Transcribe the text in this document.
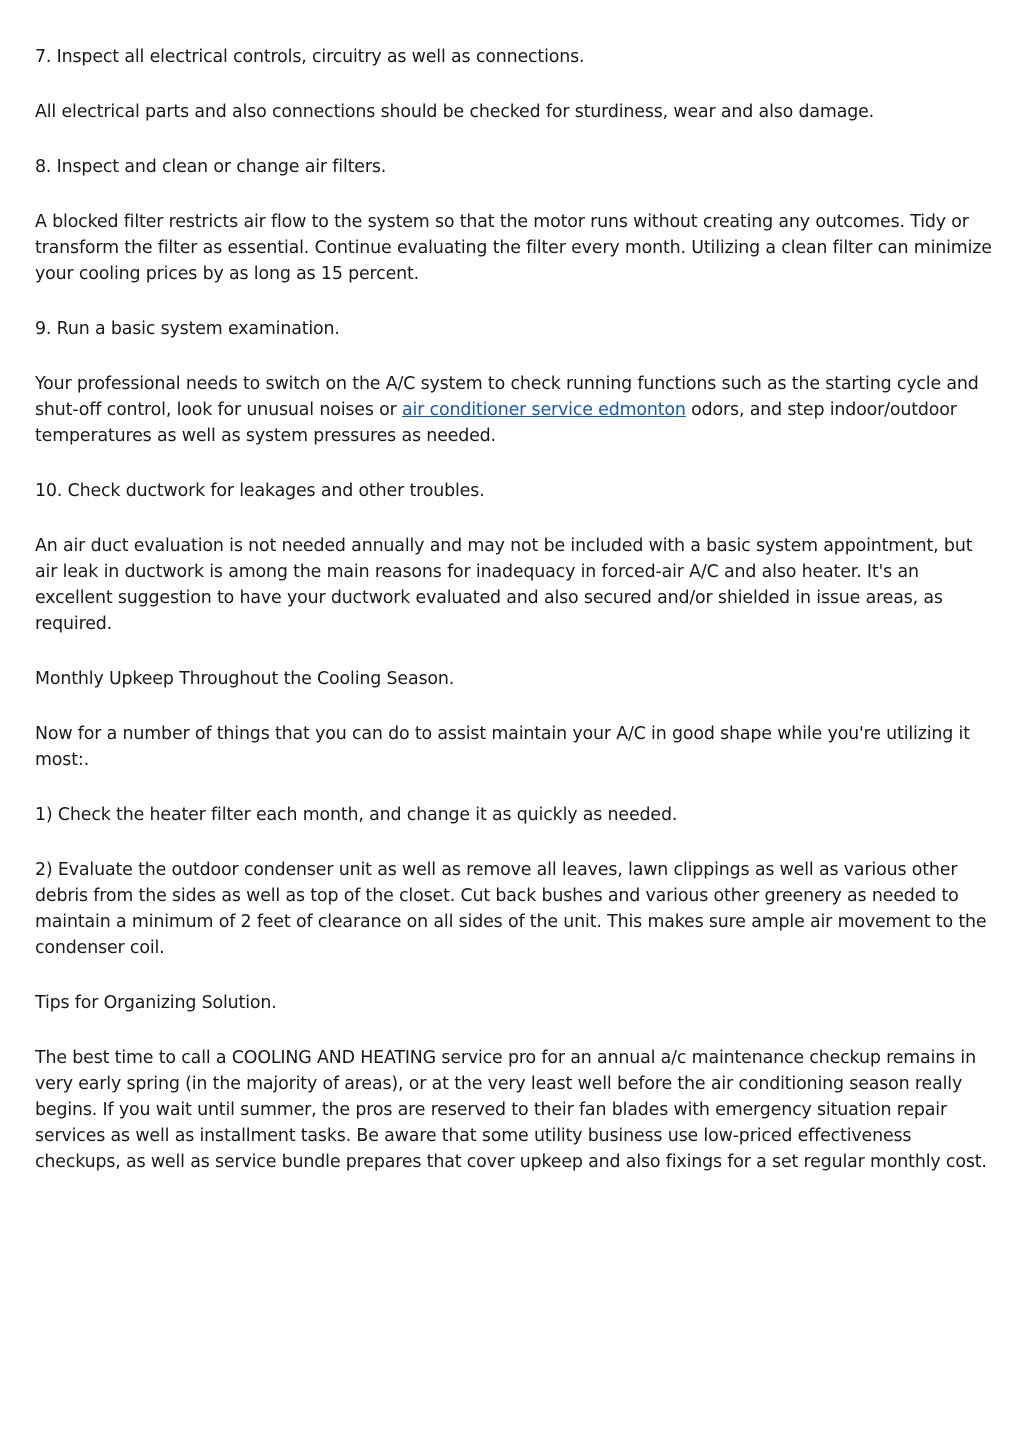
7. Inspect all electrical controls, circuitry as well as connections.

All electrical parts and also connections should be checked for sturdiness, wear and also damage.

8. Inspect and clean or change air filters.

A blocked filter restricts air flow to the system so that the motor runs without creating any outcomes. Tidy or transform the filter as essential. Continue evaluating the filter every month. Utilizing a clean filter can minimize your cooling prices by as long as 15 percent.

9. Run a basic system examination.

Your professional needs to switch on the A/C system to check running functions such as the starting cycle and shut-off control, look for unusual noises or air conditioner service edmonton odors, and step indoor/outdoor temperatures as well as system pressures as needed.

10. Check ductwork for leakages and other troubles.

An air duct evaluation is not needed annually and may not be included with a basic system appointment, but air leak in ductwork is among the main reasons for inadequacy in forced-air A/C and also heater. It's an excellent suggestion to have your ductwork evaluated and also secured and/or shielded in issue areas, as required.

Monthly Upkeep Throughout the Cooling Season.

Now for a number of things that you can do to assist maintain your A/C in good shape while you're utilizing it most:.

1) Check the heater filter each month, and change it as quickly as needed.

2) Evaluate the outdoor condenser unit as well as remove all leaves, lawn clippings as well as various other debris from the sides as well as top of the closet. Cut back bushes and various other greenery as needed to maintain a minimum of 2 feet of clearance on all sides of the unit. This makes sure ample air movement to the condenser coil.

Tips for Organizing Solution.

The best time to call a COOLING AND HEATING service pro for an annual a/c maintenance checkup remains in very early spring (in the majority of areas), or at the very least well before the air conditioning season really begins. If you wait until summer, the pros are reserved to their fan blades with emergency situation repair services as well as installment tasks. Be aware that some utility business use low-priced effectiveness checkups, as well as service bundle prepares that cover upkeep and also fixings for a set regular monthly cost.
